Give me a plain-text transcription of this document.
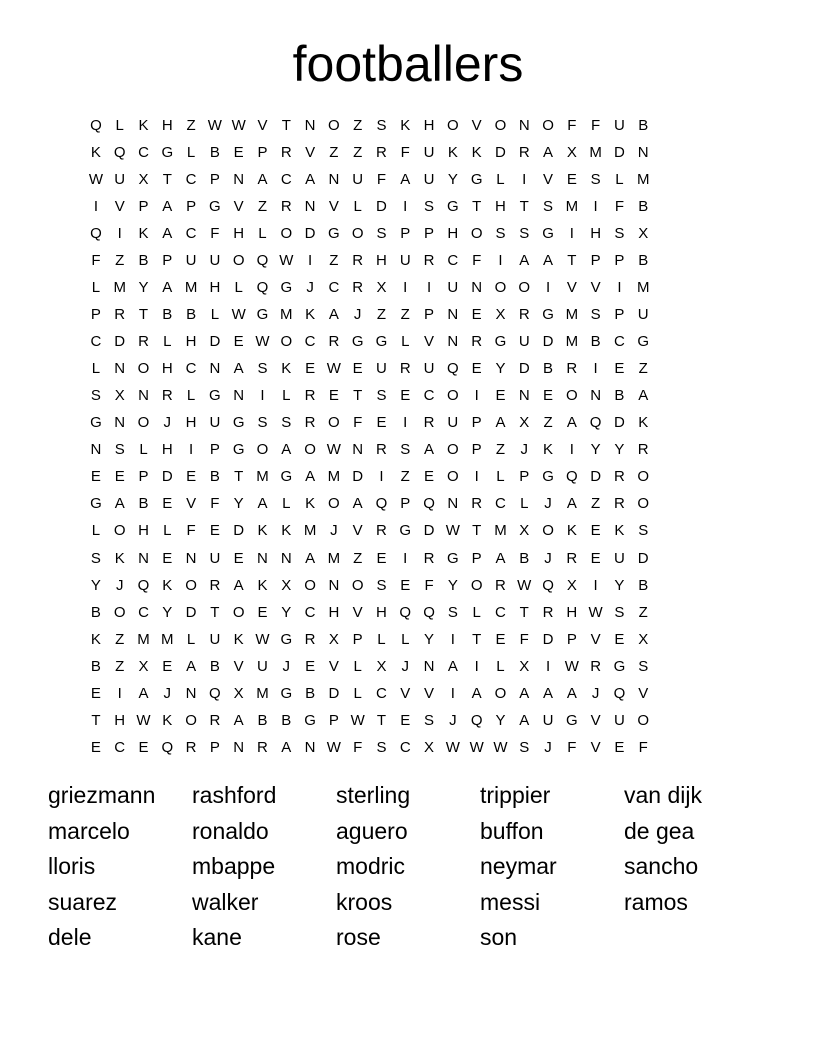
footballers
Q L K H Z W W V T N O Z S K H O V O N O F F U B
K Q C G L B E P R V Z Z R F U K K D R A X M D N
W U X T C P N A C A N U F A U Y G L	I	V E S L M
I	V P A P G V Z R N V L D	I	S G T H T S M	I	F B
Q	I	K A C F H L O D G O S P P H O S S G	I	H S X
F Z B P U U O Q W I	Z R H U R C F	I	A A T P P B
L M Y A M H L Q G J C R X	I	I	U N O O	I	V V	I	M
P R T B B L W G M K A	J	Z Z P N E X R G M S P U
C D R L H D E W O C R G G L V N R G U D M B C G
L N O H C N A S K E W E U R U Q E Y D B R	I	E Z
S X N R L G N	I	L R E T S E C O	I	E N E O N B A
G N O J H U G S S R O F E	I	R U P A X Z A Q D K
N S L H	I	P G O A O W N R S A O P Z	J	K	I	Y Y R
E E P D E B T M G A M D	I	Z E O	I	L P G Q D R O
G A B E V F Y A L K O A Q P Q N R C L	J	A Z R O
L O H L	F E D K K M J	V R G D W T M X O K E K S
S K N E N U E N N A M Z E	I	R G P A B	J R E U D
Y	J Q K O R A K X O N O S E F Y O R W Q X	I	Y B
B O C Y D T O E Y C H V H Q Q S L C T R H W S Z
K Z M M L U K W G R X P L	L Y	I	T E F D P V E X
B Z X E A B V U J	E V L X	J N A	I	L X	I W R G S
E	I	A	J N Q X M G B D L C V V	I	A O A A A	J Q V
T H W K O R A B B G P W T E S	J Q Y A U G V U O
E C E Q R P N R A N W F S C X W W W S	J	F V E F
griezmann	rashford	sterling	trippier	van dijk
marcelo	ronaldo	aguero	buffon	de gea
lloris	mbappe	modric	neymar	sancho
suarez	walker	kroos	messi	ramos
dele	kane	rose	son
